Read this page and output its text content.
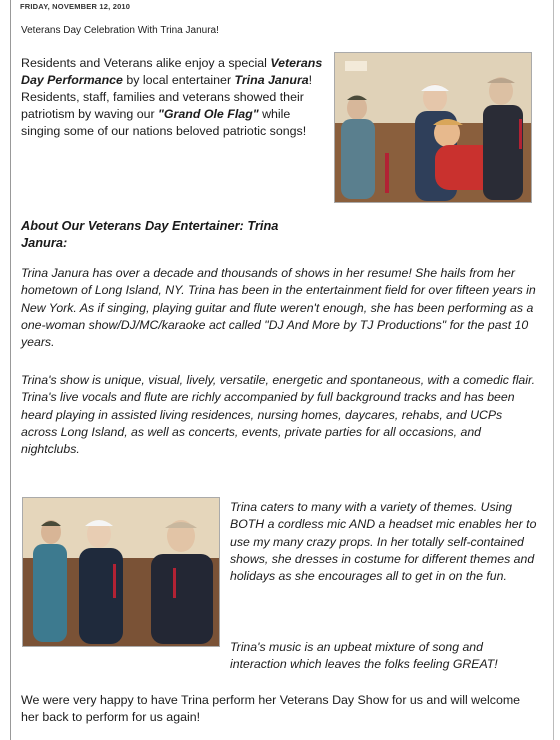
FRIDAY, NOVEMBER 12, 2010
Veterans Day Celebration With Trina Janura!
Residents and Veterans alike enjoy a special Veterans Day Performance by local entertainer Trina Janura! Residents, staff, families and veterans showed their patriotism by waving our "Grand Ole Flag" while singing some of our nations beloved patriotic songs!
About Our Veterans Day Entertainer: Trina Janura:
Trina Janura has over a decade and thousands of shows in her resume! She hails from her hometown of Long Island, NY. Trina has been in the entertainment field for over fifteen years in New York. As if singing, playing guitar and flute weren't enough, she has been performing as a one-woman show/DJ/MC/karaoke act called "DJ And More by TJ Productions" for the past 10 years.
Trina's show is unique, visual, lively, versatile, energetic and spontaneous, with a comedic flair. Trina's live vocals and flute are richly accompanied by full background tracks and has been heard playing in assisted living residences, nursing homes, daycares, rehabs, and UCPs across Long Island, as well as concerts, events, private parties for all occasions, and nightclubs.
Trina caters to many with a variety of themes. Using BOTH a cordless mic AND a headset mic enables her to use my many crazy props. In her totally self-contained shows, she dresses in costume for different themes and holidays as she encourages all to get in on the fun.
Trina's music is an upbeat mixture of song and interaction which leaves the folks feeling GREAT!
We were very happy to have Trina perform her Veterans Day Show for us and will welcome her back to perform for us again!
